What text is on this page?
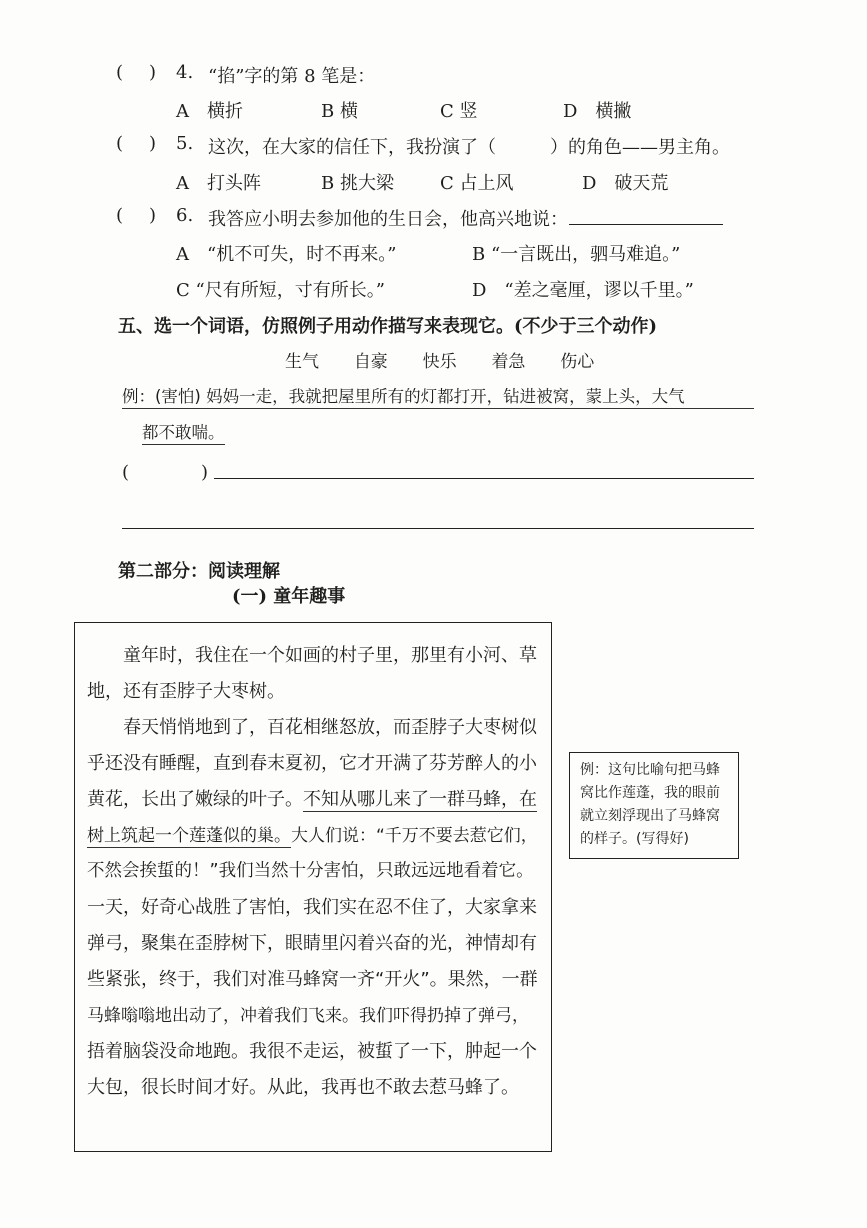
( ) 4. “掐”字的第 8 笔是：
A　横折	B 横	C 竖	D　横撇
( ) 5. 这次，在大家的信任下，我扮演了（　　　）的角色——男主角。
A　打头阵	B 挑大梁	C 占上风	D　破天荒
( ) 6. 我答应小明去参加他的生日会，他高兴地说：
A　“机不可失，时不再来。”	B “一言既出，驷马难追。”
C “尺有所短，寸有所长。”	D　“差之毫厘，谬以千里。”
五、选一个词语，仿照例子用动作描写来表现它。(不少于三个动作)
生气 自豪 快乐 着急 伤心
例：(害怕) 妈妈一走，我就把屋里所有的灯都打开，钻进被窝，蒙上头，大气
都不敢喘。
(　　　　)
第二部分：阅读理解
(一) 童年趣事
　　童年时，我住在一个如画的村子里，那里有小河、草
地，还有歪脖子大枣树。
　　春天悄悄地到了，百花相继怒放，而歪脖子大枣树似
乎还没有睡醒，直到春末夏初，它才开满了芬芳醉人的小
黄花，长出了嫩绿的叶子。不知从哪儿来了一群马蜂，在
树上筑起一个莲蓬似的巢。大人们说：“千万不要去惹它们，
不然会挨蜇的！”我们当然十分害怕，只敢远远地看着它。
一天，好奇心战胜了害怕，我们实在忍不住了，大家拿来
弹弓，聚集在歪脖树下，眼睛里闪着兴奋的光，神情却有
些紧张，终于，我们对准马蜂窝一齐“开火”。果然，一群
马蜂嗡嗡地出动了，冲着我们飞来。我们吓得扔掉了弹弓，
捂着脑袋没命地跑。我很不走运，被蜇了一下，肿起一个
大包，很长时间才好。从此，我再也不敢去惹马蜂了。
例：这句比喻句把马蜂窝比作莲蓬，我的眼前就立刻浮现出了马蜂窝的样子。(写得好)
